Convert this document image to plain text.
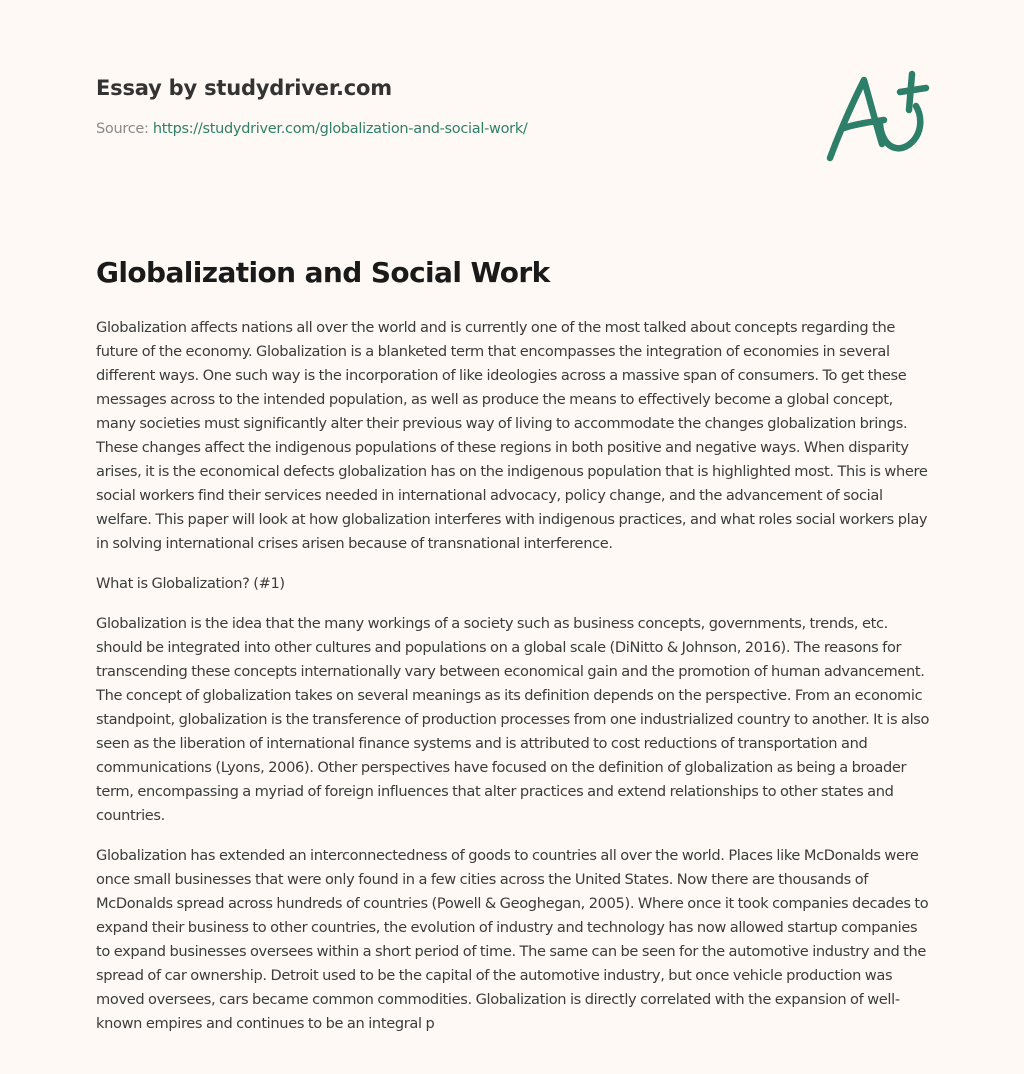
Essay by studydriver.com
Source: https://studydriver.com/globalization-and-social-work/
Globalization and Social Work

Globalization affects nations all over the world and is currently one of the most talked about concepts regarding the future of the economy. Globalization is a blanketed term that encompasses the integration of economies in several different ways. One such way is the incorporation of like ideologies across a massive span of consumers. To get these messages across to the intended population, as well as produce the means to effectively become a global concept, many societies must significantly alter their previous way of living to accommodate the changes globalization brings. These changes affect the indigenous populations of these regions in both positive and negative ways. When disparity arises, it is the economical defects globalization has on the indigenous population that is highlighted most. This is where social workers find their services needed in international advocacy, policy change, and the advancement of social welfare. This paper will look at how globalization interferes with indigenous practices, and what roles social workers play in solving international crises arisen because of transnational interference.

What is Globalization? (#1)

Globalization is the idea that the many workings of a society such as business concepts, governments, trends, etc. should be integrated into other cultures and populations on a global scale (DiNitto & Johnson, 2016). The reasons for transcending these concepts internationally vary between economical gain and the promotion of human advancement. The concept of globalization takes on several meanings as its definition depends on the perspective. From an economic standpoint, globalization is the transference of production processes from one industrialized country to another. It is also seen as the liberation of international finance systems and is attributed to cost reductions of transportation and communications (Lyons, 2006). Other perspectives have focused on the definition of globalization as being a broader term, encompassing a myriad of foreign influences that alter practices and extend relationships to other states and countries.

Globalization has extended an interconnectedness of goods to countries all over the world. Places like McDonalds were once small businesses that were only found in a few cities across the United States. Now there are thousands of McDonalds spread across hundreds of countries (Powell & Geoghegan, 2005). Where once it took companies decades to expand their business to other countries, the evolution of industry and technology has now allowed startup companies to expand businesses oversees within a short period of time. The same can be seen for the automotive industry and the spread of car ownership. Detroit used to be the capital of the automotive industry, but once vehicle production was moved oversees, cars became common commodities. Globalization is directly correlated with the expansion of well-known empires and continues to be an integral p
